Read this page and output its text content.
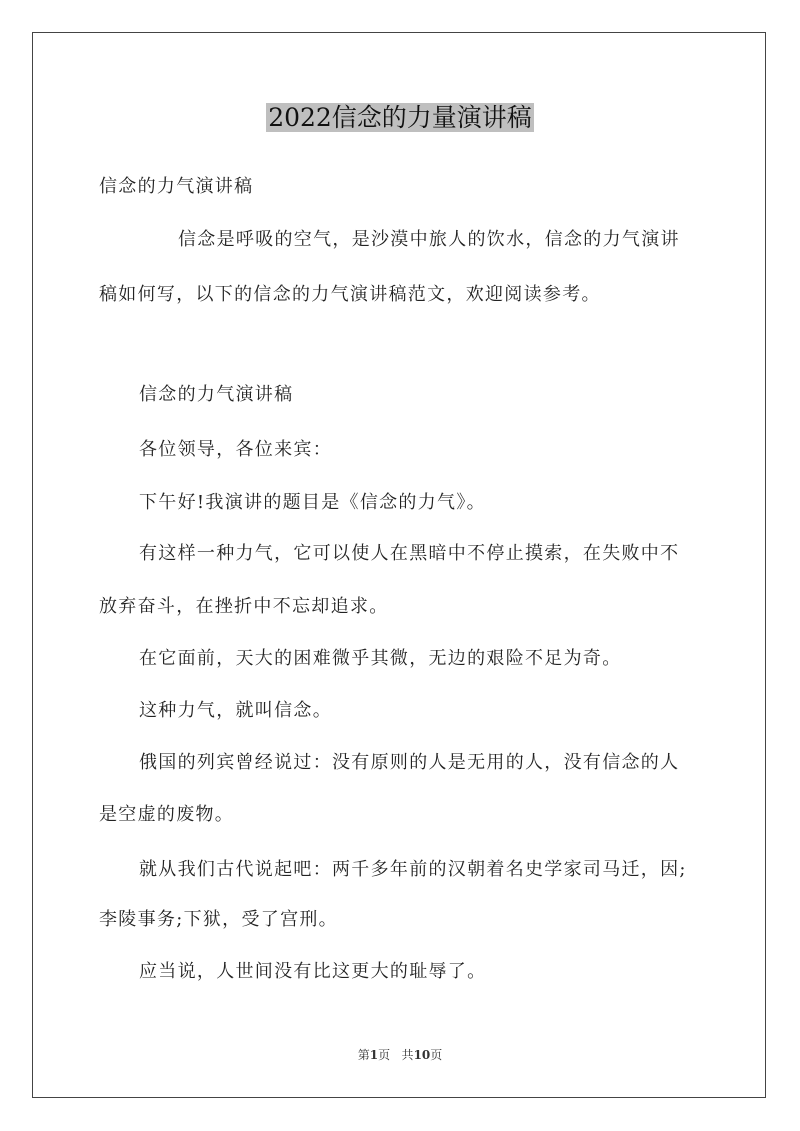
2022信念的力量演讲稿
信念的力气演讲稿
信念是呼吸的空气，是沙漠中旅人的饮水，信念的力气演讲
稿如何写，以下的信念的力气演讲稿范文，欢迎阅读参考。
信念的力气演讲稿
各位领导，各位来宾：
下午好!我演讲的题目是《信念的力气》。
有这样一种力气，它可以使人在黑暗中不停止摸索，在失败中不
放弃奋斗，在挫折中不忘却追求。
在它面前，天大的困难微乎其微，无边的艰险不足为奇。
这种力气，就叫信念。
俄国的列宾曾经说过：没有原则的人是无用的人，没有信念的人
是空虚的废物。
就从我们古代说起吧：两千多年前的汉朝着名史学家司马迁，因;
李陵事务;下狱，受了宫刑。
应当说，人世间没有比这更大的耻辱了。
第1页 共10页
